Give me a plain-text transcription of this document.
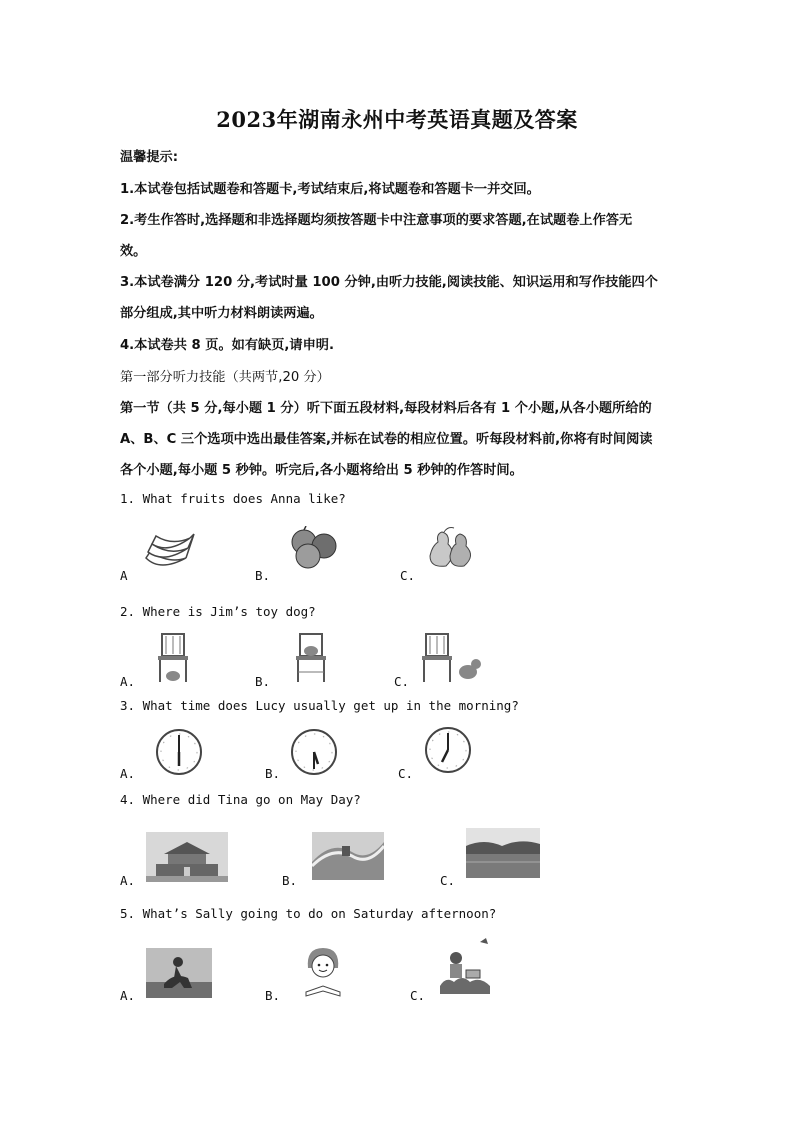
2023年湖南永州中考英语真题及答案
温馨提示:
1.本试卷包括试题卷和答题卡,考试结束后,将试题卷和答题卡一并交回。
2.考生作答时,选择题和非选择题均须按答题卡中注意事项的要求答题,在试题卷上作答无
效。
3.本试卷满分 120 分,考试时量 100 分钟,由听力技能,阅读技能、知识运用和写作技能四个
部分组成,其中听力材料朗读两遍。
4.本试卷共 8 页。如有缺页,请申明.
第一部分听力技能（共两节,20 分）
第一节（共 5 分,每小题 1 分）听下面五段材料,每段材料后各有 1 个小题,从各小题所给的
A、B、C 三个选项中选出最佳答案,并标在试卷的相应位置。听每段材料前,你将有时间阅读
各个小题,每小题 5 秒钟。听完后,各小题将给出 5 秒钟的作答时间。
1. What fruits does Anna like?
A	B.	C.
2. Where is Jim’s toy dog?
A.	B.	C.
3. What time does Lucy usually get up in the morning?
A.	B.	C.
4. Where did Tina go on May Day?
A.	B.	C.
5. What’s Sally going to do on Saturday afternoon?
A.	B.	C.
